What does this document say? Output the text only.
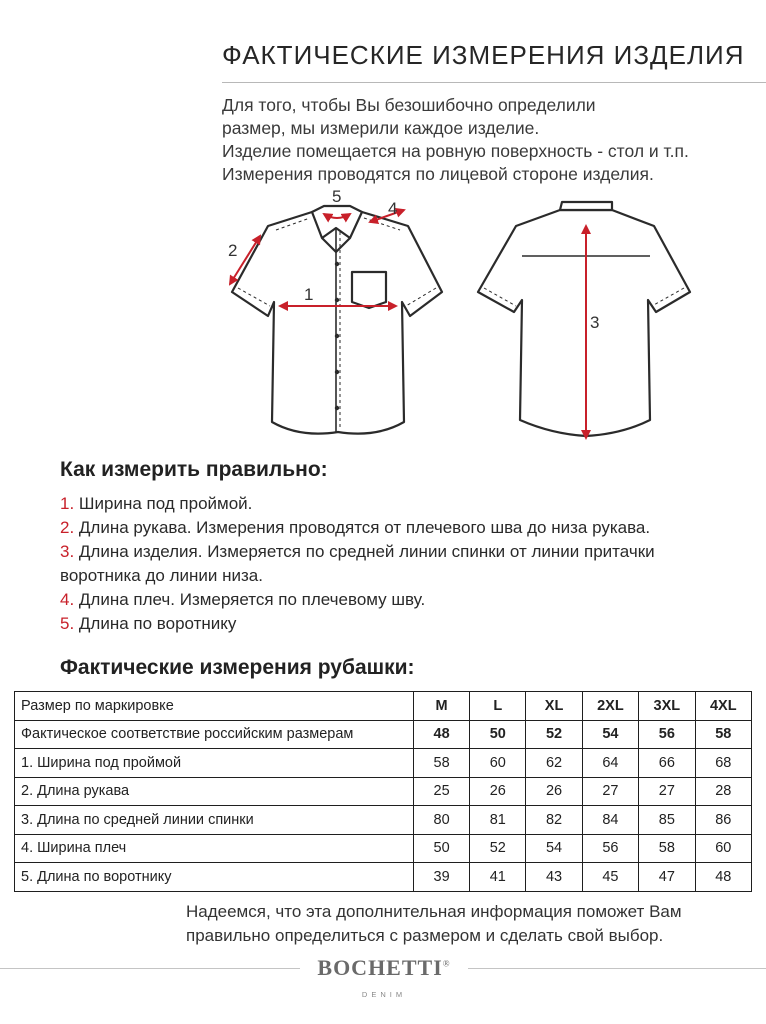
ФАКТИЧЕСКИЕ ИЗМЕРЕНИЯ ИЗДЕЛИЯ
Для того, чтобы Вы безошибочно определили
размер, мы измерили каждое изделие.
Изделие помещается на ровную поверхность - стол и т.п.
Измерения проводятся по лицевой стороне изделия.
1
2
3
4
5
Как измерить правильно:
1. Ширина под проймой.
2. Длина рукава. Измерения проводятся от плечевого шва до низа рукава.
3. Длина изделия. Измеряется по средней линии спинки от линии притачки
воротника до линии низа.
4. Длина плеч. Измеряется по плечевому шву.
5. Длина по воротнику
Фактические измерения рубашки:
Размер по маркировке	M	L	XL	2XL	3XL	4XL
Фактическое соответствие российским размерам	48	50	52	54	56	58
1. Ширина под проймой	58	60	62	64	66	68
2. Длина рукава	25	26	26	27	27	28
3. Длина по средней линии спинки	80	81	82	84	85	86
4. Ширина плеч	50	52	54	56	58	60
5. Длина по воротнику	39	41	43	45	47	48
Надеемся, что эта дополнительная информация поможет Вам
правильно определиться с размером и сделать свой выбор.
BOCHETTI®
DENIM
